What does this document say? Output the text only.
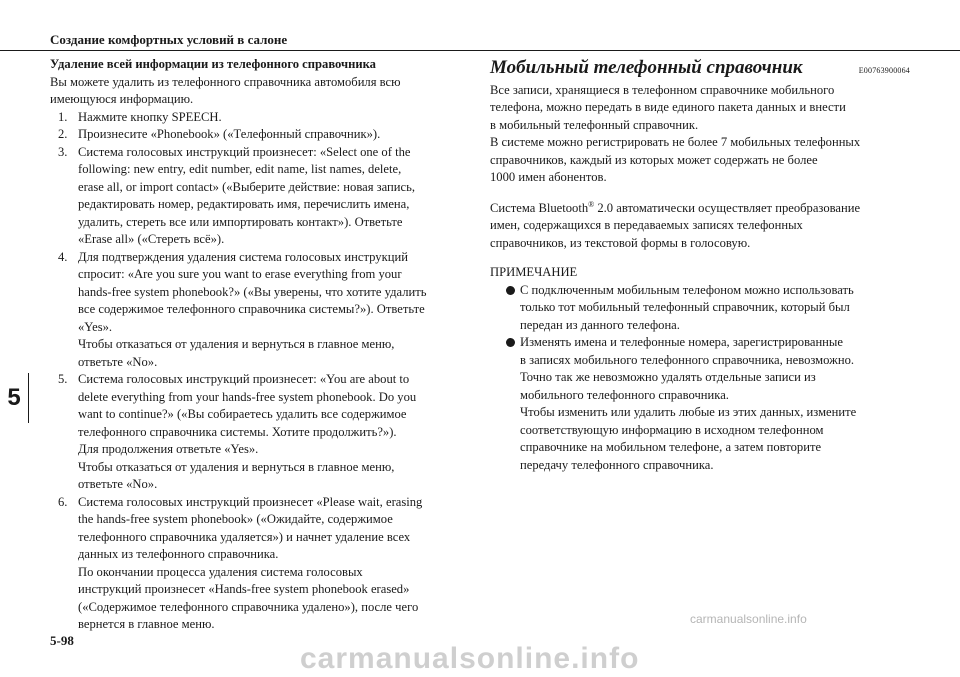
Создание комфортных условий в салоне
5
Удаление всей информации из телефонного справочника
Вы можете удалить из телефонного справочника автомобиля всю
имеющуюся информацию.
1. Нажмите кнопку SPEECH.
2. Произнесите «Phonebook» («Телефонный справочник»).
3. Система голосовых инструкций произнесет: «Select one of the
following: new entry, edit number, edit name, list names, delete,
erase all, or import contact» («Выберите действие: новая запись,
редактировать номер, редактировать имя, перечислить имена,
удалить, стереть все или импортировать контакт»). Ответьте
«Erase all» («Стереть всё»).
4. Для подтверждения удаления система голосовых инструкций
спросит: «Are you sure you want to erase everything from your
hands-free system phonebook?» («Вы уверены, что хотите удалить
все содержимое телефонного справочника системы?»). Ответьте
«Yes».
Чтобы отказаться от удаления и вернуться в главное меню,
ответьте «No».
5. Система голосовых инструкций произнесет: «You are about to
delete everything from your hands-free system phonebook. Do you
want to continue?» («Вы собираетесь удалить все содержимое
телефонного справочника системы. Хотите продолжить?»).
Для продолжения ответьте «Yes».
Чтобы отказаться от удаления и вернуться в главное меню,
ответьте «No».
6. Система голосовых инструкций произнесет «Please wait, erasing
the hands-free system phonebook» («Ожидайте, содержимое
телефонного справочника удаляется») и начнет удаление всех
данных из телефонного справочника.
По окончании процесса удаления система голосовых
инструкций произнесет «Hands-free system phonebook erased»
(«Содержимое телефонного справочника удалено»), после чего
вернется в главное меню.
Мобильный телефонный справочник	E00763900064
Все записи, хранящиеся в телефонном справочнике мобильного
телефона, можно передать в виде единого пакета данных и внести
в мобильный телефонный справочник.
В системе можно регистрировать не более 7 мобильных телефонных
справочников, каждый из которых может содержать не более
1000 имен абонентов.
Система Bluetooth® 2.0 автоматически осуществляет преобразование
имен, содержащихся в передаваемых записях телефонных
справочников, из текстовой формы в голосовую.
ПРИМЕЧАНИЕ
С подключенным мобильным телефоном можно использовать
только тот мобильный телефонный справочник, который был
передан из данного телефона.
Изменять имена и телефонные номера, зарегистрированные
в записях мобильного телефонного справочника, невозможно.
Точно так же невозможно удалять отдельные записи из
мобильного телефонного справочника.
Чтобы изменить или удалить любые из этих данных, измените
соответствующую информацию в исходном телефонном
справочнике на мобильном телефоне, а затем повторите
передачу телефонного справочника.
5-98
carmanualsonline.info
carmanualsonline.info
